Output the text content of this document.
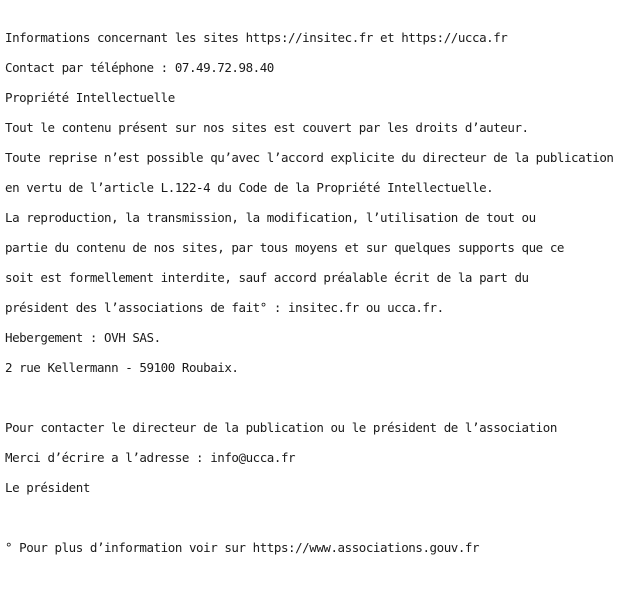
Informations concernant les sites https://insitec.fr et https://ucca.fr
Contact par téléphone : 07.49.72.98.40
Propriété Intellectuelle
Tout le contenu présent sur nos sites est couvert par les droits d’auteur.
Toute reprise n’est possible qu’avec l’accord explicite du directeur de la publication
en vertu de l’article L.122-4 du Code de la Propriété Intellectuelle.
La reproduction, la transmission, la modification, l’utilisation de tout ou
partie du contenu de nos sites, par tous moyens et sur quelques supports que ce
soit est formellement interdite, sauf accord préalable écrit de la part du
président des l’associations de fait° : insitec.fr ou ucca.fr.
Hebergement : OVH SAS.
2 rue Kellermann - 59100 Roubaix.
Pour contacter le directeur de la publication ou le président de l’association
Merci d’écrire a l’adresse : info@ucca.fr
Le président
° Pour plus d’information voir sur https://www.associations.gouv.fr
